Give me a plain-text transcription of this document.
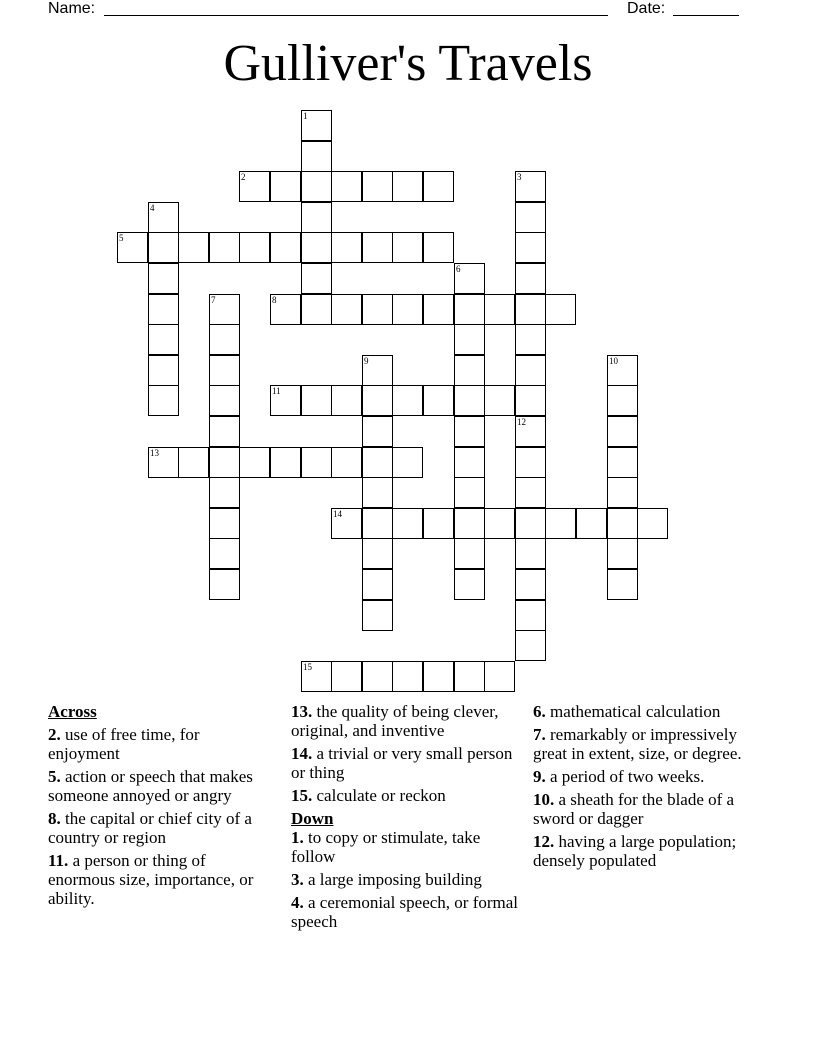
Name:	Date:
Gulliver's Travels
1
2	3
4
5
6
7	8
9	10
11
12
13
14
15
Across
2. use of free time, for enjoyment
5. action or speech that makes someone annoyed or angry
8. the capital or chief city of a country or region
11. a person or thing of enormous size, importance, or ability.
13. the quality of being clever, original, and inventive
14. a trivial or very small person or thing
15. calculate or reckon
Down
1. to copy or stimulate, take follow
3. a large imposing building
4. a ceremonial speech, or formal speech
6. mathematical calculation
7. remarkably or impressively great in extent, size, or degree.
9. a period of two weeks.
10. a sheath for the blade of a sword or dagger
12. having a large population; densely populated
